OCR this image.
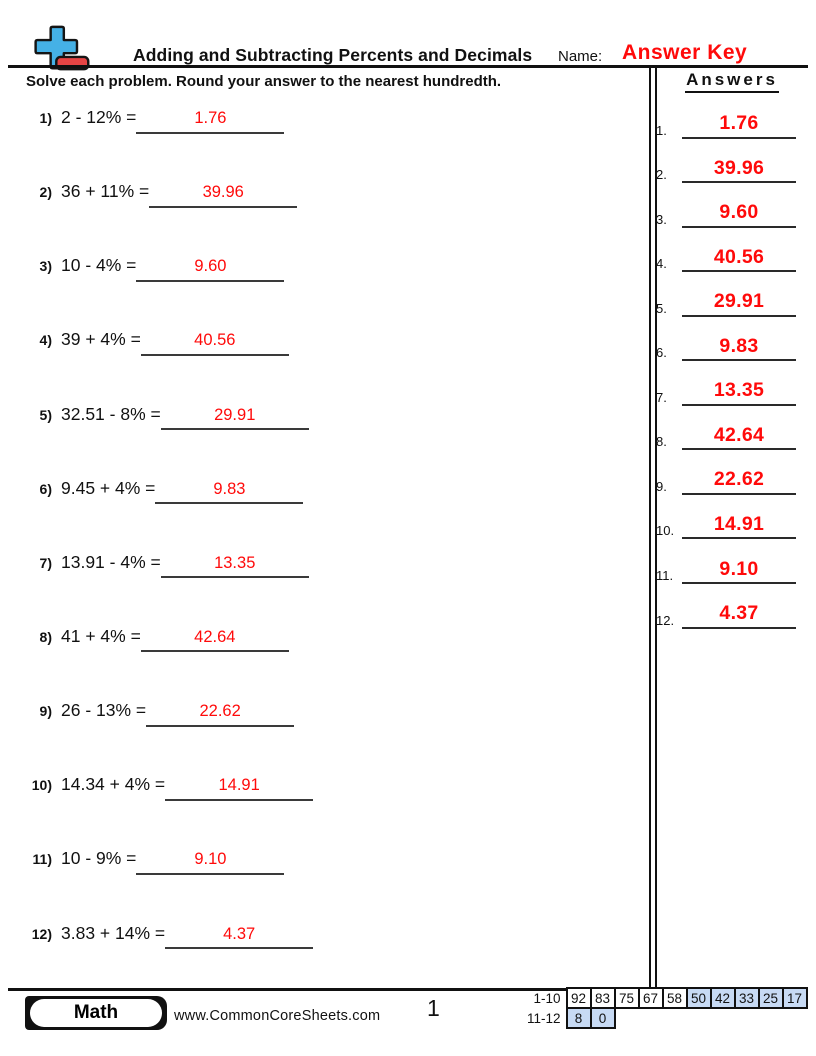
Adding and Subtracting Percents and Decimals Name: Answer Key
Solve each problem. Round your answer to the nearest hundredth.
1) 2 - 12% =	1.76
2) 36 + 11% =	39.96
3) 10 - 4% =	9.60
4) 39 + 4% =	40.56
5) 32.51 - 8% =	29.91
6) 9.45 + 4% =	9.83
7) 13.91 - 4% =	13.35
8) 41 + 4% =	42.64
9) 26 - 13% =	22.62
10) 14.34 + 4% =	14.91
11) 10 - 9% =	9.10
12) 3.83 + 14% =	4.37
Answers
1.	1.76
2.	39.96
3.	9.60
4.	40.56
5.	29.91
6.	9.83
7.	13.35
8.	42.64
9.	22.62
10.	14.91
11.	9.10
12.	4.37
Math	www.CommonCoreSheets.com 1	1-10	92	83	75	67	58	50	42	33	25	17
11-12	8	0								
